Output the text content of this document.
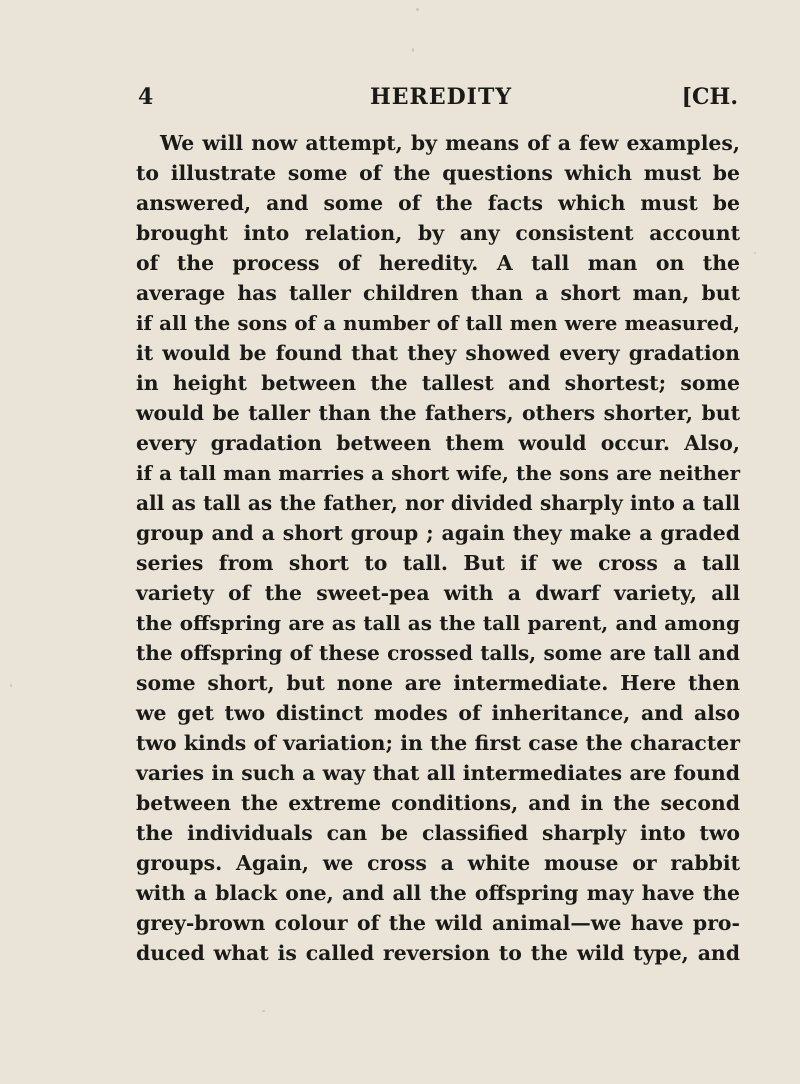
4	HEREDITY	[CH.
We will now attempt, by means of a few examples,
to illustrate some of the questions which must be
answered, and some of the facts which must be
brought into relation, by any consistent account
of the process of heredity. A tall man on the
average has taller children than a short man, but
if all the sons of a number of tall men were measured,
it would be found that they showed every gradation
in height between the tallest and shortest; some
would be taller than the fathers, others shorter, but
every gradation between them would occur. Also,
if a tall man marries a short wife, the sons are neither
all as tall as the father, nor divided sharply into a tall
group and a short group ; again they make a graded
series from short to tall. But if we cross a tall
variety of the sweet-pea with a dwarf variety, all
the offspring are as tall as the tall parent, and among
the offspring of these crossed talls, some are tall and
some short, but none are intermediate. Here then
we get two distinct modes of inheritance, and also
two kinds of variation; in the first case the character
varies in such a way that all intermediates are found
between the extreme conditions, and in the second
the individuals can be classified sharply into two
groups. Again, we cross a white mouse or rabbit
with a black one, and all the offspring may have the
grey-brown colour of the wild animal—we have pro-
duced what is called reversion to the wild type, and
